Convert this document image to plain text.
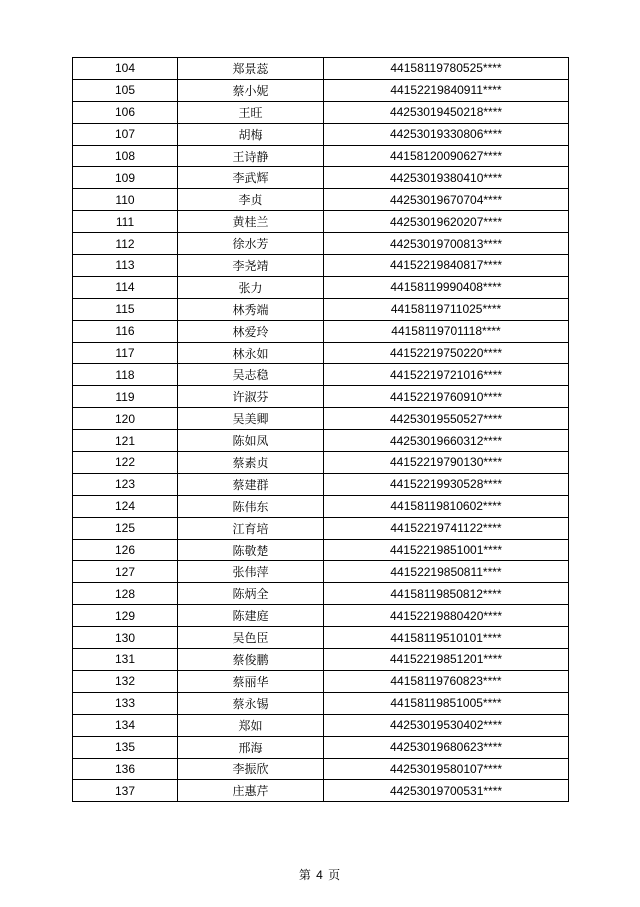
104	郑景蕊	44158119780525****
105	蔡小妮	44152219840911****
106	王旺	44253019450218****
107	胡梅	44253019330806****
108	王诗静	44158120090627****
109	李武辉	44253019380410****
110	李贞	44253019670704****
111	黄桂兰	44253019620207****
112	徐水芳	44253019700813****
113	李尧靖	44152219840817****
114	张力	44158119990408****
115	林秀端	44158119711025****
116	林爱玲	44158119701118****
117	林永如	44152219750220****
118	吴志稳	44152219721016****
119	许淑芬	44152219760910****
120	吴美卿	44253019550527****
121	陈如凤	44253019660312****
122	蔡素贞	44152219790130****
123	蔡建群	44152219930528****
124	陈伟东	44158119810602****
125	江育培	44152219741122****
126	陈敬楚	44152219851001****
127	张伟萍	44152219850811****
128	陈炳全	44158119850812****
129	陈建庭	44152219880420****
130	吴色臣	44158119510101****
131	蔡俊鹏	44152219851201****
132	蔡丽华	44158119760823****
133	蔡永锡	44158119851005****
134	郑如	44253019530402****
135	邢海	44253019680623****
136	李振欣	44253019580107****
137	庄惠芹	44253019700531****
第 4 页
